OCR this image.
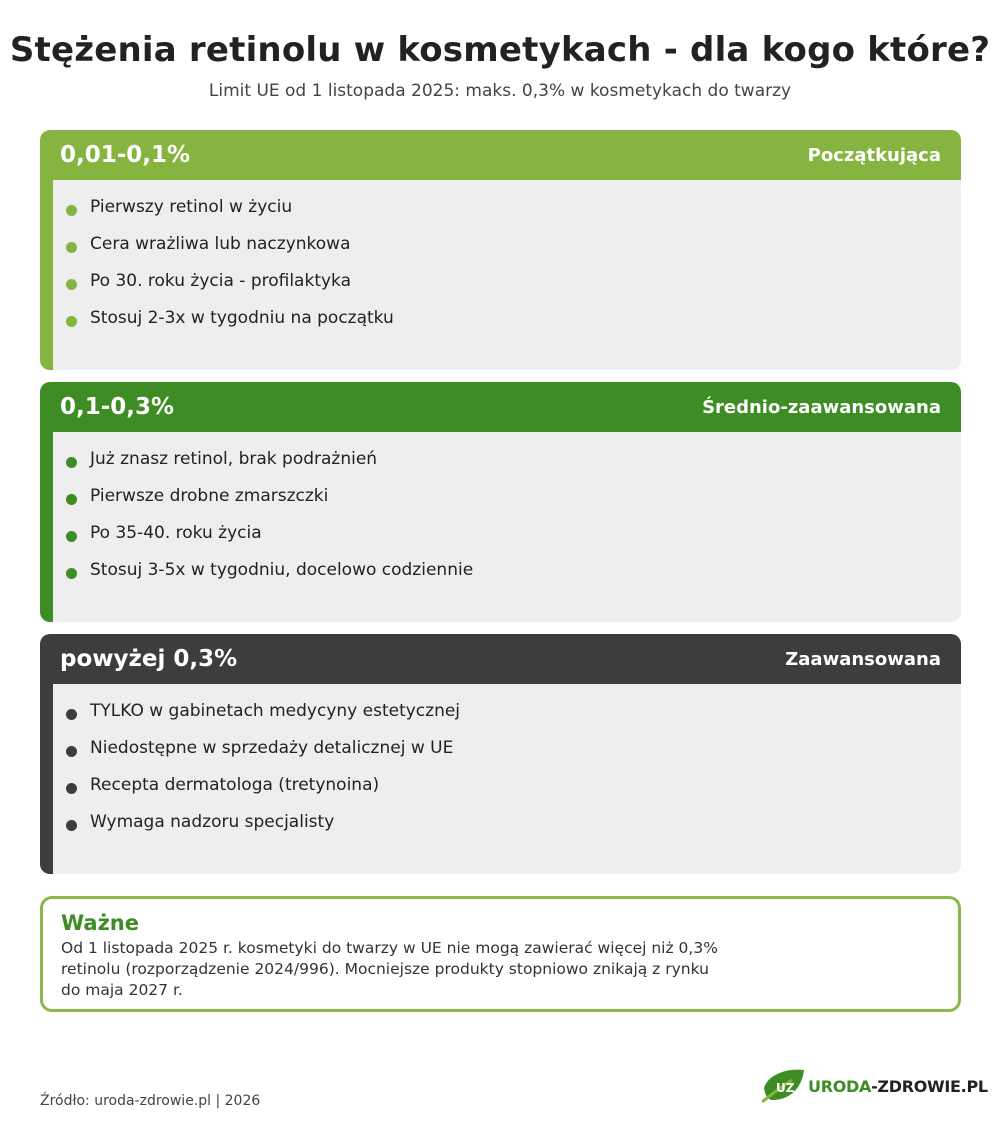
Stężenia retinolu w kosmetykach - dla kogo które?
Limit UE od 1 listopada 2025: maks. 0,3% w kosmetykach do twarzy
0,01-0,1%	Początkująca
Pierwszy retinol w życiu
Cera wrażliwa lub naczynkowa
Po 30. roku życia - profilaktyka
Stosuj 2-3x w tygodniu na początku
0,1-0,3%	Średnio-zaawansowana
Już znasz retinol, brak podrażnień
Pierwsze drobne zmarszczki
Po 35-40. roku życia
Stosuj 3-5x w tygodniu, docelowo codziennie
powyżej 0,3%	Zaawansowana
TYLKO w gabinetach medycyny estetycznej
Niedostępne w sprzedaży detalicznej w UE
Recepta dermatologa (tretynoina)
Wymaga nadzoru specjalisty
Ważne
Od 1 listopada 2025 r. kosmetyki do twarzy w UE nie mogą zawierać więcej niż 0,3% retinolu (rozporządzenie 2024/996). Mocniejsze produkty stopniowo znikają z rynku do maja 2027 r.
Źródło: uroda-zdrowie.pl | 2026
UZ URODA-ZDROWIE.PL
